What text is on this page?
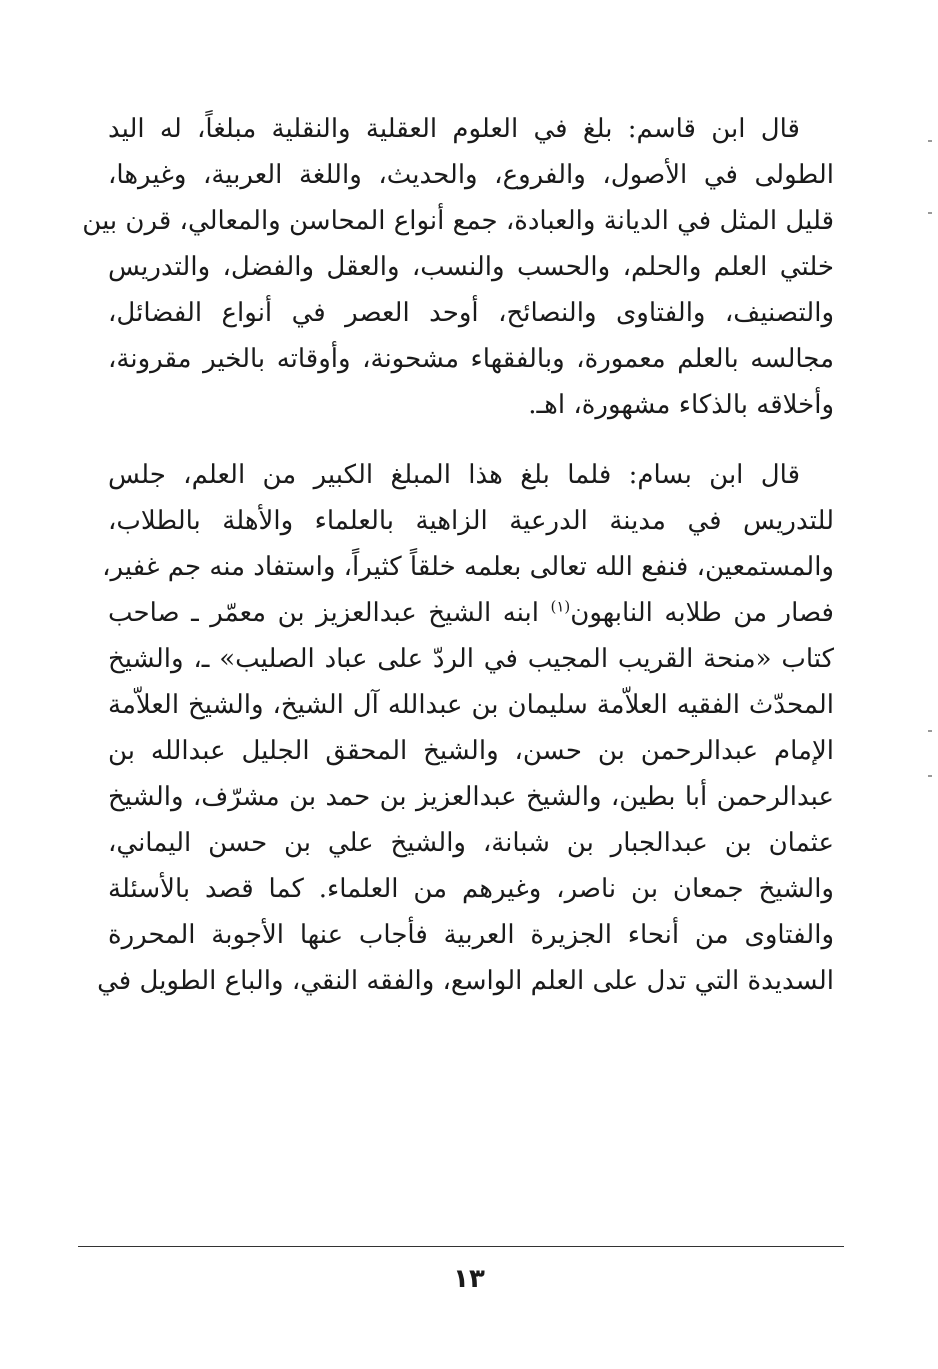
قال ابن قاسم: بلغ في العلوم العقلية والنقلية مبلغاً، له اليد
الطولى في الأصول، والفروع، والحديث، واللغة العربية، وغيرها،
قليل المثل في الديانة والعبادة، جمع أنواع المحاسن والمعالي، قرن بين
خلتي العلم والحلم، والحسب والنسب، والعقل والفضل، والتدريس
والتصنيف، والفتاوى والنصائح، أوحد العصر في أنواع الفضائل،
مجالسه بالعلم معمورة، وبالفقهاء مشحونة، وأوقاته بالخير مقرونة،
وأخلاقه بالذكاء مشهورة، اهـ.
قال ابن بسام: فلما بلغ هذا المبلغ الكبير من العلم، جلس
للتدريس في مدينة الدرعية الزاهية بالعلماء والأهلة بالطلاب،
والمستمعين، فنفع الله تعالى بعلمه خلقاً كثيراً، واستفاد منه جم غفير،
فصار من طلابه النابهون$^{(١)}$ ابنه الشيخ عبدالعزيز بن معمّر ـ صاحب
كتاب «منحة القريب المجيب في الردّ على عباد الصليب» ـ، والشيخ
المحدّث الفقيه العلاّمة سليمان بن عبدالله آل الشيخ، والشيخ العلاّمة
الإمام عبدالرحمن بن حسن، والشيخ المحقق الجليل عبدالله بن
عبدالرحمن أبا بطين، والشيخ عبدالعزيز بن حمد بن مشرّف، والشيخ
عثمان بن عبدالجبار بن شبانة، والشيخ علي بن حسن اليماني،
والشيخ جمعان بن ناصر، وغيرهم من العلماء. كما قصد بالأسئلة
والفتاوى من أنحاء الجزيرة العربية فأجاب عنها الأجوبة المحررة
السديدة التي تدل على العلم الواسع، والفقه النقي، والباع الطويل في
١٣
